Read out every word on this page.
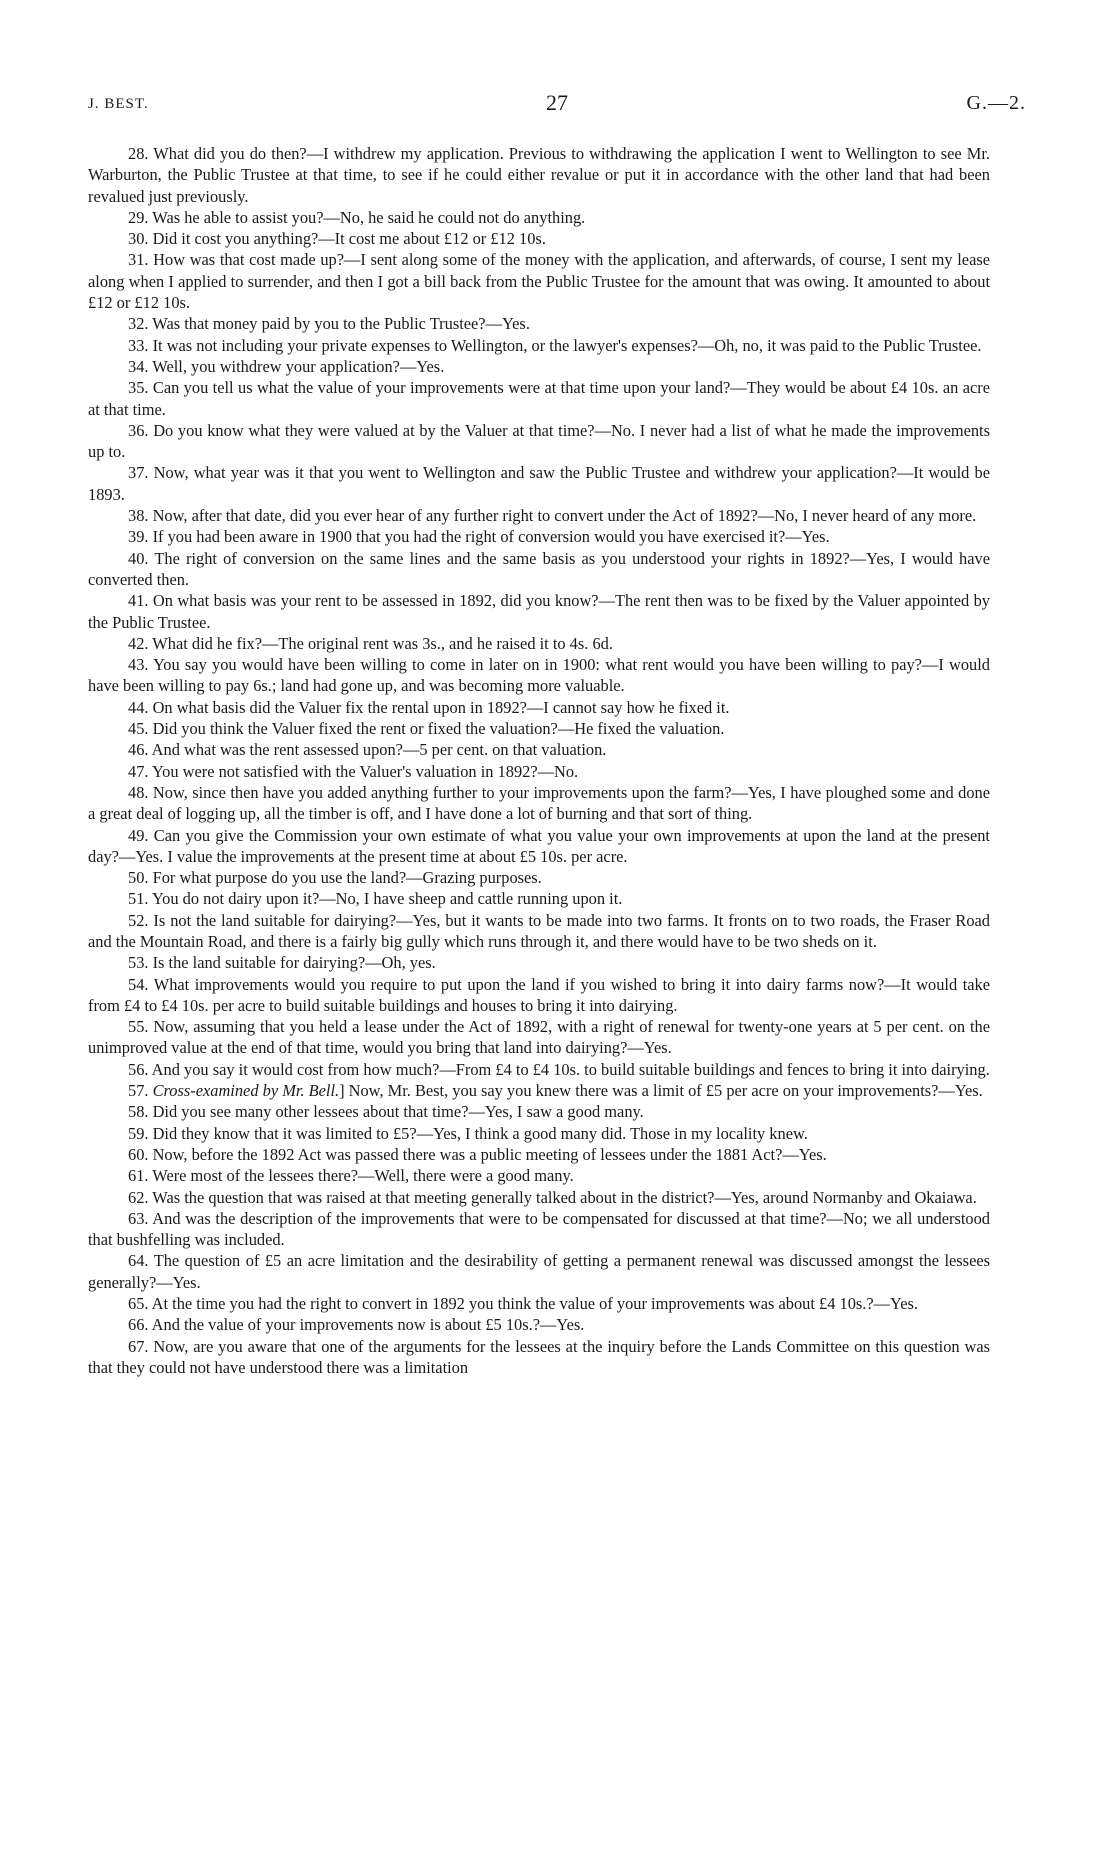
J. BEST.	27	G.—2.

28. What did you do then?—I withdrew my application. Previous to withdrawing the application I went to Wellington to see Mr. Warburton, the Public Trustee at that time, to see if he could either revalue or put it in accordance with the other land that had been revalued just previously.

29. Was he able to assist you?—No, he said he could not do anything.

30. Did it cost you anything?—It cost me about £12 or £12 10s.

31. How was that cost made up?—I sent along some of the money with the application, and afterwards, of course, I sent my lease along when I applied to surrender, and then I got a bill back from the Public Trustee for the amount that was owing. It amounted to about £12 or £12 10s.

32. Was that money paid by you to the Public Trustee?—Yes.

33. It was not including your private expenses to Wellington, or the lawyer's expenses?—Oh, no, it was paid to the Public Trustee.

34. Well, you withdrew your application?—Yes.

35. Can you tell us what the value of your improvements were at that time upon your land?—They would be about £4 10s. an acre at that time.

36. Do you know what they were valued at by the Valuer at that time?—No. I never had a list of what he made the improvements up to.

37. Now, what year was it that you went to Wellington and saw the Public Trustee and withdrew your application?—It would be 1893.

38. Now, after that date, did you ever hear of any further right to convert under the Act of 1892?—No, I never heard of any more.

39. If you had been aware in 1900 that you had the right of conversion would you have exercised it?—Yes.

40. The right of conversion on the same lines and the same basis as you understood your rights in 1892?—Yes, I would have converted then.

41. On what basis was your rent to be assessed in 1892, did you know?—The rent then was to be fixed by the Valuer appointed by the Public Trustee.

42. What did he fix?—The original rent was 3s., and he raised it to 4s. 6d.

43. You say you would have been willing to come in later on in 1900: what rent would you have been willing to pay?—I would have been willing to pay 6s.; land had gone up, and was becoming more valuable.

44. On what basis did the Valuer fix the rental upon in 1892?—I cannot say how he fixed it.

45. Did you think the Valuer fixed the rent or fixed the valuation?—He fixed the valuation.

46. And what was the rent assessed upon?—5 per cent. on that valuation.

47. You were not satisfied with the Valuer's valuation in 1892?—No.

48. Now, since then have you added anything further to your improvements upon the farm?—Yes, I have ploughed some and done a great deal of logging up, all the timber is off, and I have done a lot of burning and that sort of thing.

49. Can you give the Commission your own estimate of what you value your own improvements at upon the land at the present day?—Yes. I value the improvements at the present time at about £5 10s. per acre.

50. For what purpose do you use the land?—Grazing purposes.

51. You do not dairy upon it?—No, I have sheep and cattle running upon it.

52. Is not the land suitable for dairying?—Yes, but it wants to be made into two farms. It fronts on to two roads, the Fraser Road and the Mountain Road, and there is a fairly big gully which runs through it, and there would have to be two sheds on it.

53. Is the land suitable for dairying?—Oh, yes.

54. What improvements would you require to put upon the land if you wished to bring it into dairy farms now?—It would take from £4 to £4 10s. per acre to build suitable buildings and houses to bring it into dairying.

55. Now, assuming that you held a lease under the Act of 1892, with a right of renewal for twenty-one years at 5 per cent. on the unimproved value at the end of that time, would you bring that land into dairying?—Yes.

56. And you say it would cost from how much?—From £4 to £4 10s. to build suitable buildings and fences to bring it into dairying.

57. Cross-examined by Mr. Bell.] Now, Mr. Best, you say you knew there was a limit of £5 per acre on your improvements?—Yes.

58. Did you see many other lessees about that time?—Yes, I saw a good many.

59. Did they know that it was limited to £5?—Yes, I think a good many did. Those in my locality knew.

60. Now, before the 1892 Act was passed there was a public meeting of lessees under the 1881 Act?—Yes.

61. Were most of the lessees there?—Well, there were a good many.

62. Was the question that was raised at that meeting generally talked about in the district?—Yes, around Normanby and Okaiawa.

63. And was the description of the improvements that were to be compensated for discussed at that time?—No; we all understood that bushfelling was included.

64. The question of £5 an acre limitation and the desirability of getting a permanent renewal was discussed amongst the lessees generally?—Yes.

65. At the time you had the right to convert in 1892 you think the value of your improvements was about £4 10s.?—Yes.

66. And the value of your improvements now is about £5 10s.?—Yes.

67. Now, are you aware that one of the arguments for the lessees at the inquiry before the Lands Committee on this question was that they could not have understood there was a limitation
